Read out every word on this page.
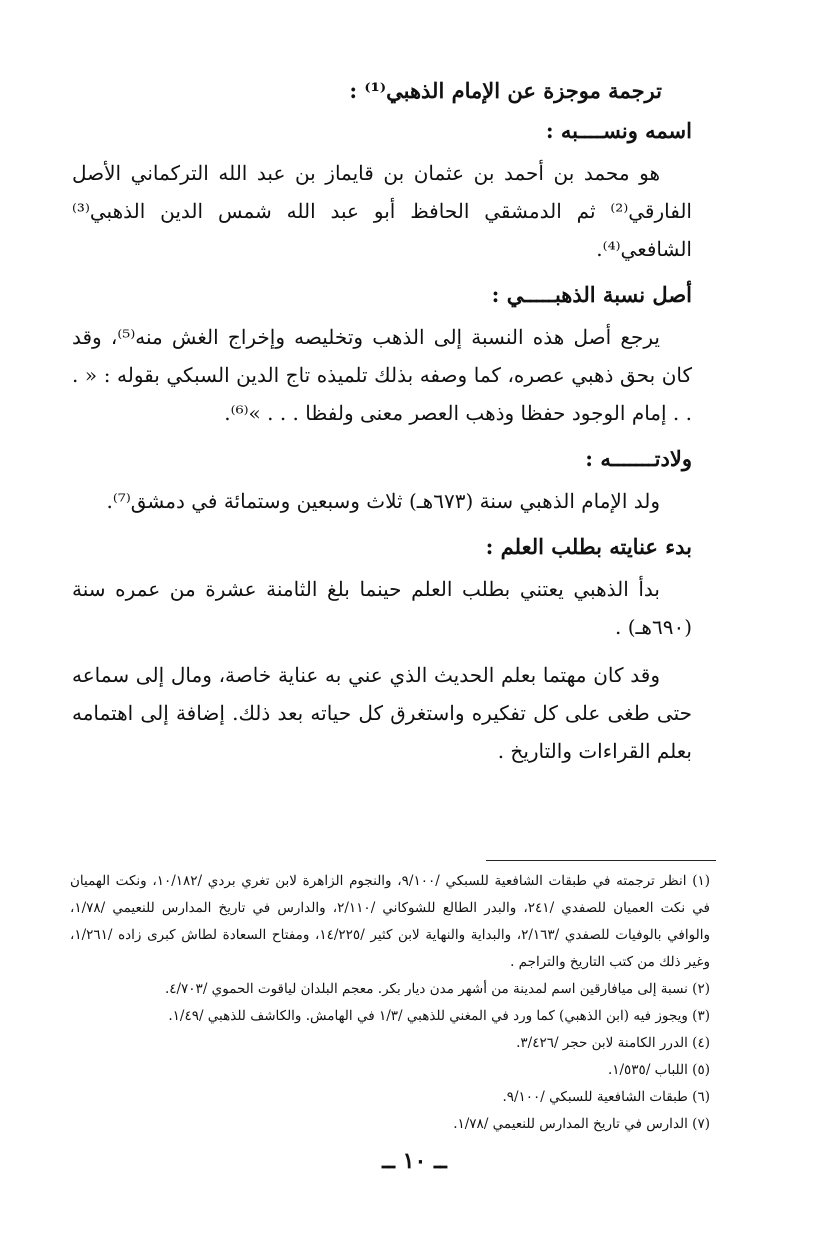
ترجمة موجزة عن الإمام الذهبي⁽¹⁾ :
اسمه ونســــبه :

هو محمد بن أحمد بن عثمان بن قايماز بن عبد الله التركماني الأصل الفارقي⁽²⁾ ثم الدمشقي الحافظ أبو عبد الله شمس الدين الذهبي⁽³⁾ الشافعي⁽⁴⁾.

أصل نسبة الذهبـــــي :

يرجع أصل هذه النسبة إلى الذهب وتخليصه وإخراج الغش منه⁽⁵⁾، وقد كان بحق ذهبي عصره، كما وصفه بذلك تلميذه تاج الدين السبكي بقوله : « . . . إمام الوجود حفظا وذهب العصر معنى ولفظا . . . »⁽⁶⁾.

ولادتـــــــه :

ولد الإمام الذهبي سنة (٦٧٣هـ) ثلاث وسبعين وستمائة في دمشق⁽⁷⁾.

بدء عنايته بطلب العلم :

بدأ الذهبي يعتني بطلب العلم حينما بلغ الثامنة عشرة من عمره سنة (٦٩٠هـ) .

وقد كان مهتما بعلم الحديث الذي عني به عناية خاصة، ومال إلى سماعه حتى طغى على كل تفكيره واستغرق كل حياته بعد ذلك. إضافة إلى اهتمامه بعلم القراءات والتاريخ .

(١) انظر ترجمته في طبقات الشافعية للسبكي /٩/١٠٠، والنجوم الزاهرة لابن تغري بردي /١٠/١٨٢، ونكت الهميان في نكت العميان للصفدي /٢٤١، والبدر الطالع للشوكاني /٢/١١٠، والدارس في تاريخ المدارس للنعيمي /١/٧٨، والوافي بالوفيات للصفدي /٢/١٦٣، والبداية والنهاية لابن كثير /١٤/٢٢٥، ومفتاح السعادة لطاش كبرى زاده /١/٢٦١، وغير ذلك من كتب التاريخ والتراجم .

(٢) نسبة إلى ميافارقين اسم لمدينة من أشهر مدن ديار بكر. معجم البلدان لياقوت الحموي /٤/٧٠٣.

(٣) ويجوز فيه (ابن الذهبي) كما ورد في المغني للذهبي /١/٣ في الهامش. والكاشف للذهبي /١/٤٩.

(٤) الدرر الكامنة لابن حجر /٣/٤٢٦.

(٥) اللباب /١/٥٣٥.

(٦) طبقات الشافعية للسبكي /٩/١٠٠.

(٧) الدارس في تاريخ المدارس للنعيمي /١/٧٨.

ــ ١٠ ــ
